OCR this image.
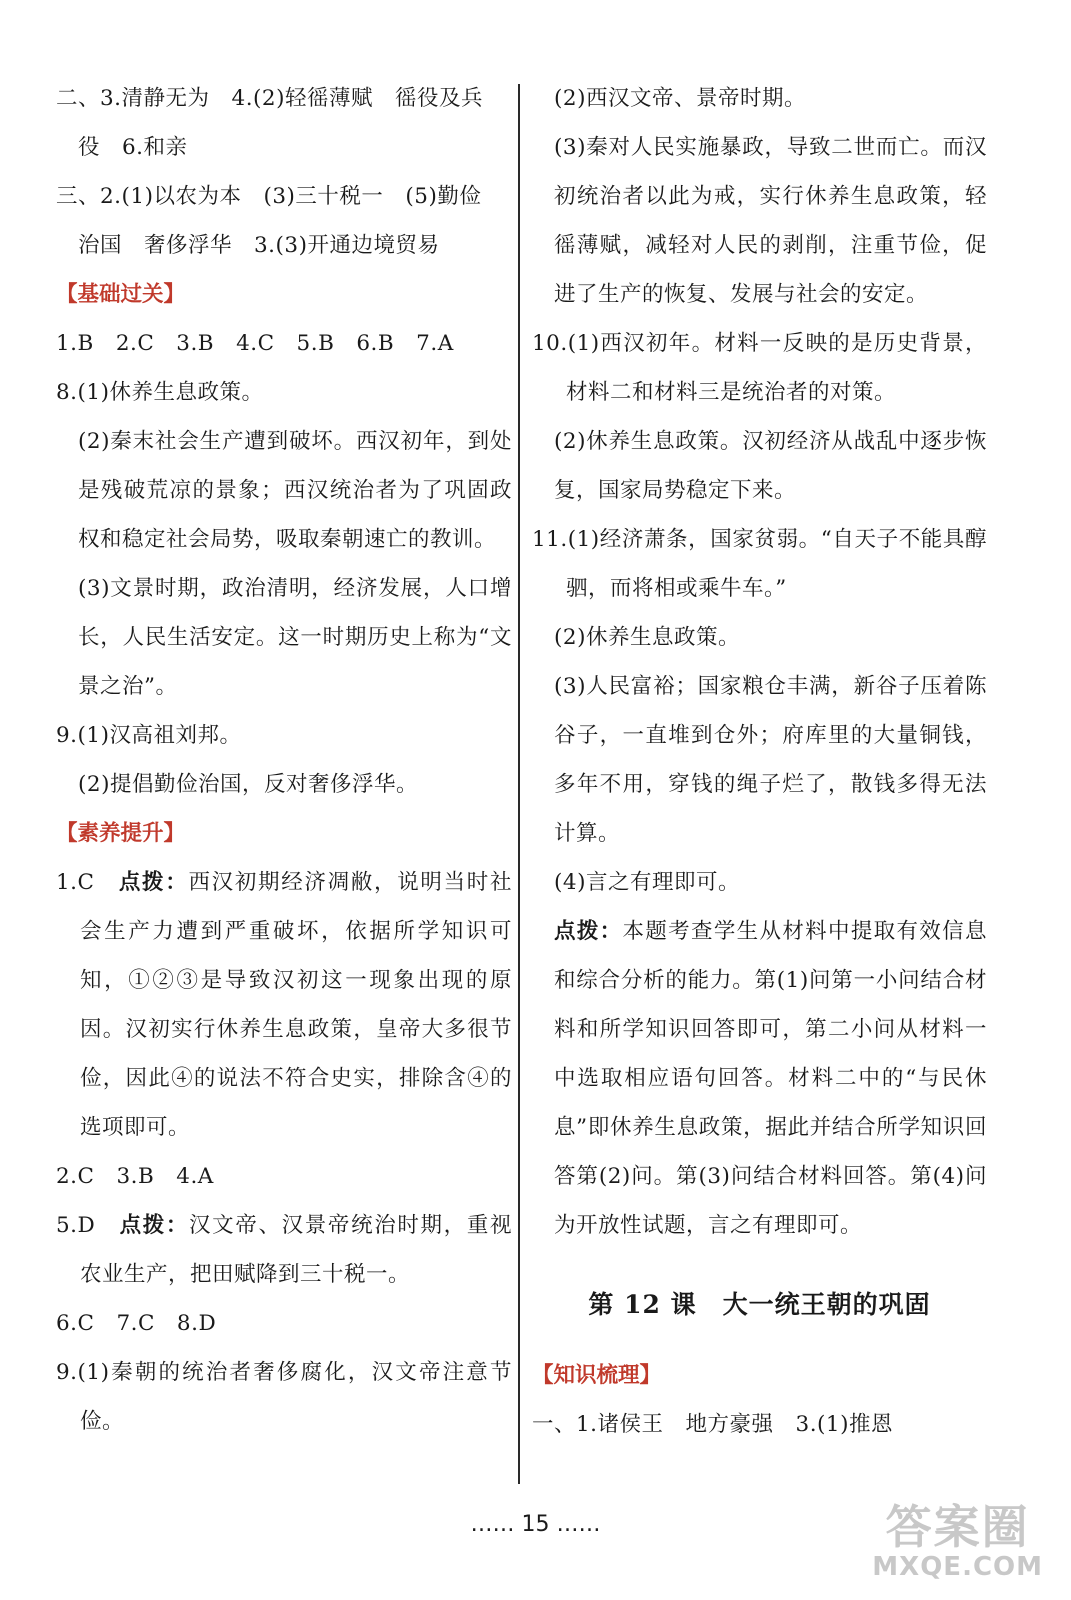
二、3.清静无为　4.(2)轻徭薄赋　徭役及兵

役　6.和亲

三、2.(1)以农为本　(3)三十税一　(5)勤俭

治国　奢侈浮华　3.(3)开通边境贸易

【基础过关】

1.B　2.C　3.B　4.C　5.B　6.B　7.A

8.(1)休养生息政策。

(2)秦末社会生产遭到破坏。西汉初年，到处是残破荒凉的景象；西汉统治者为了巩固政权和稳定社会局势，吸取秦朝速亡的教训。

(3)文景时期，政治清明，经济发展，人口增长，人民生活安定。这一时期历史上称为“文景之治”。

9.(1)汉高祖刘邦。

(2)提倡勤俭治国，反对奢侈浮华。

【素养提升】

1.C　点拨：西汉初期经济凋敝，说明当时社会生产力遭到严重破坏，依据所学知识可知，①②③是导致汉初这一现象出现的原因。汉初实行休养生息政策，皇帝大多很节俭，因此④的说法不符合史实，排除含④的选项即可。

2.C　3.B　4.A

5.D　点拨：汉文帝、汉景帝统治时期，重视农业生产，把田赋降到三十税一。

6.C　7.C　8.D

9.(1)秦朝的统治者奢侈腐化，汉文帝注意节俭。

(2)西汉文帝、景帝时期。

(3)秦对人民实施暴政，导致二世而亡。而汉初统治者以此为戒，实行休养生息政策，轻徭薄赋，减轻对人民的剥削，注重节俭，促进了生产的恢复、发展与社会的安定。

10.(1)西汉初年。材料一反映的是历史背景，材料二和材料三是统治者的对策。

(2)休养生息政策。汉初经济从战乱中逐步恢复，国家局势稳定下来。

11.(1)经济萧条，国家贫弱。“自天子不能具醇驷，而将相或乘牛车。”

(2)休养生息政策。

(3)人民富裕；国家粮仓丰满，新谷子压着陈谷子，一直堆到仓外；府库里的大量铜钱，多年不用，穿钱的绳子烂了，散钱多得无法计算。

(4)言之有理即可。

点拨：本题考查学生从材料中提取有效信息和综合分析的能力。第(1)问第一小问结合材料和所学知识回答即可，第二小问从材料一中选取相应语句回答。材料二中的“与民休息”即休养生息政策，据此并结合所学知识回答第(2)问。第(3)问结合材料回答。第(4)问为开放性试题，言之有理即可。

第 12 课　大一统王朝的巩固

【知识梳理】

一、1.诸侯王　地方豪强　3.(1)推恩

…… 15 ……	答案圈
MXQE.COM
